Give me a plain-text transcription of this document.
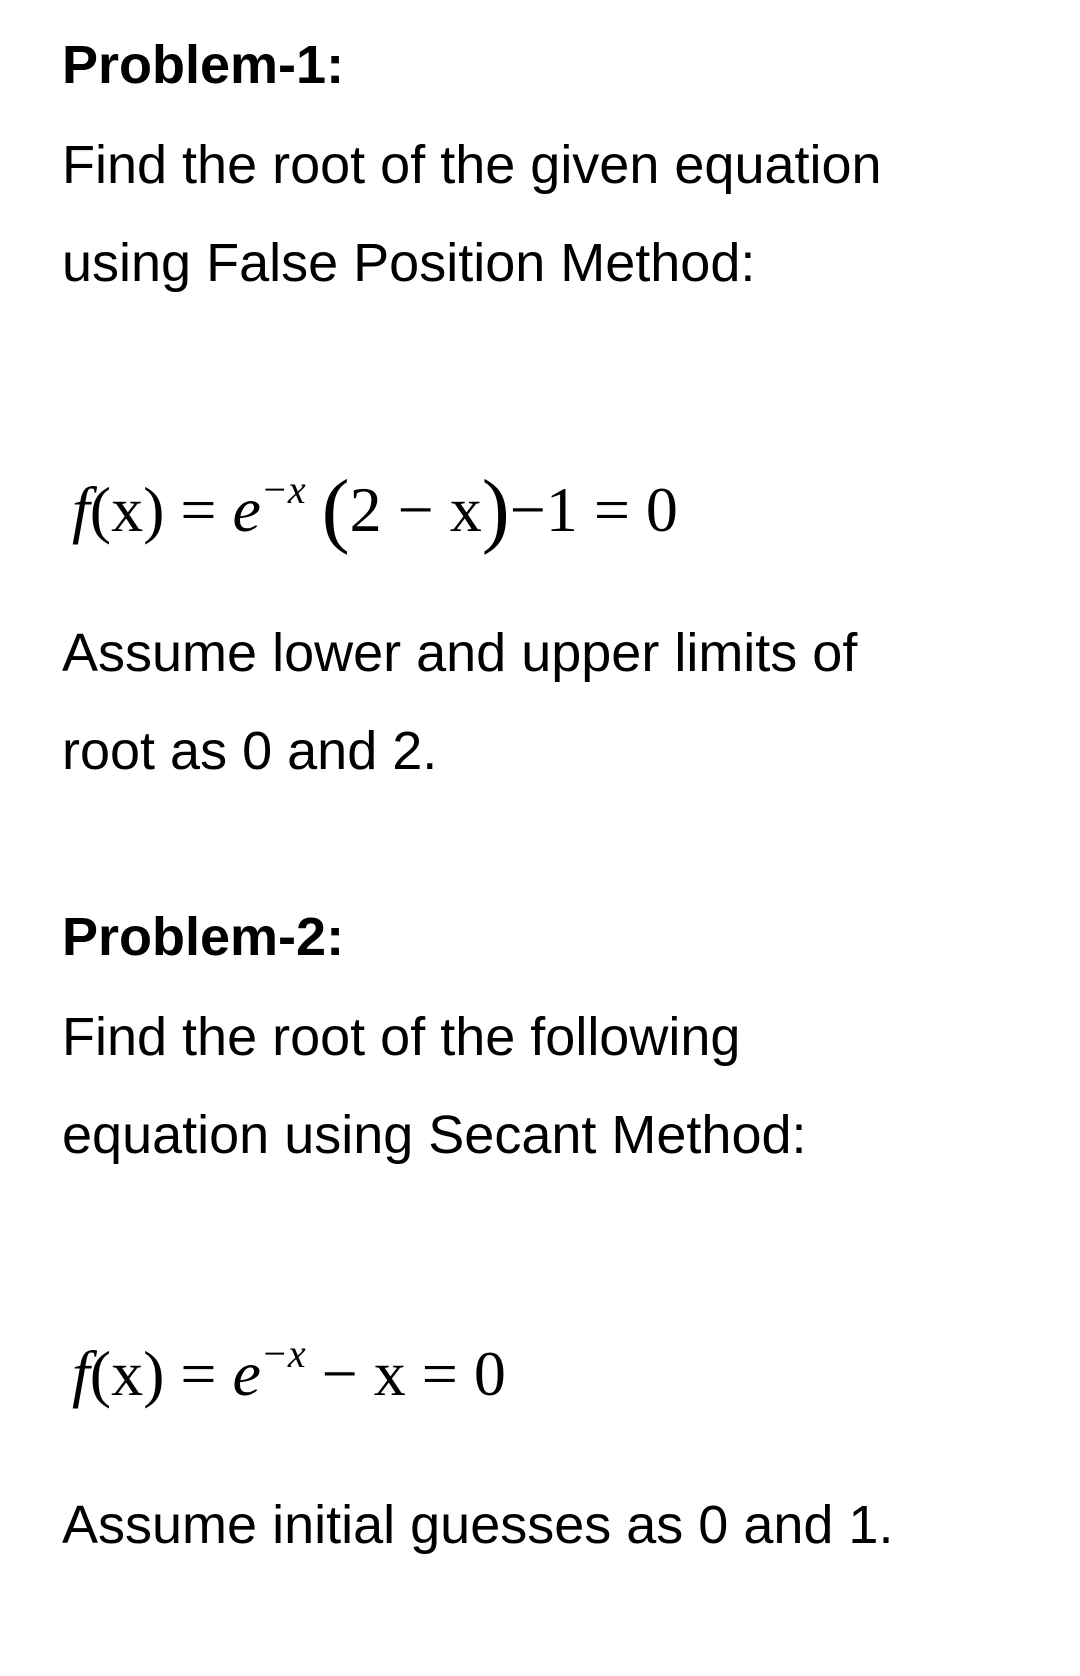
Problem-1:
Find the root of the given equation
using False Position Method:
$f(x) = e^{-x}$ (2 − x)−1 = 0
Assume lower and upper limits of
root as 0 and 2.
Problem-2:
Find the root of the following
equation using Secant Method:
$f(x) = e^{-x} - x = 0$
Assume initial guesses as 0 and 1.
